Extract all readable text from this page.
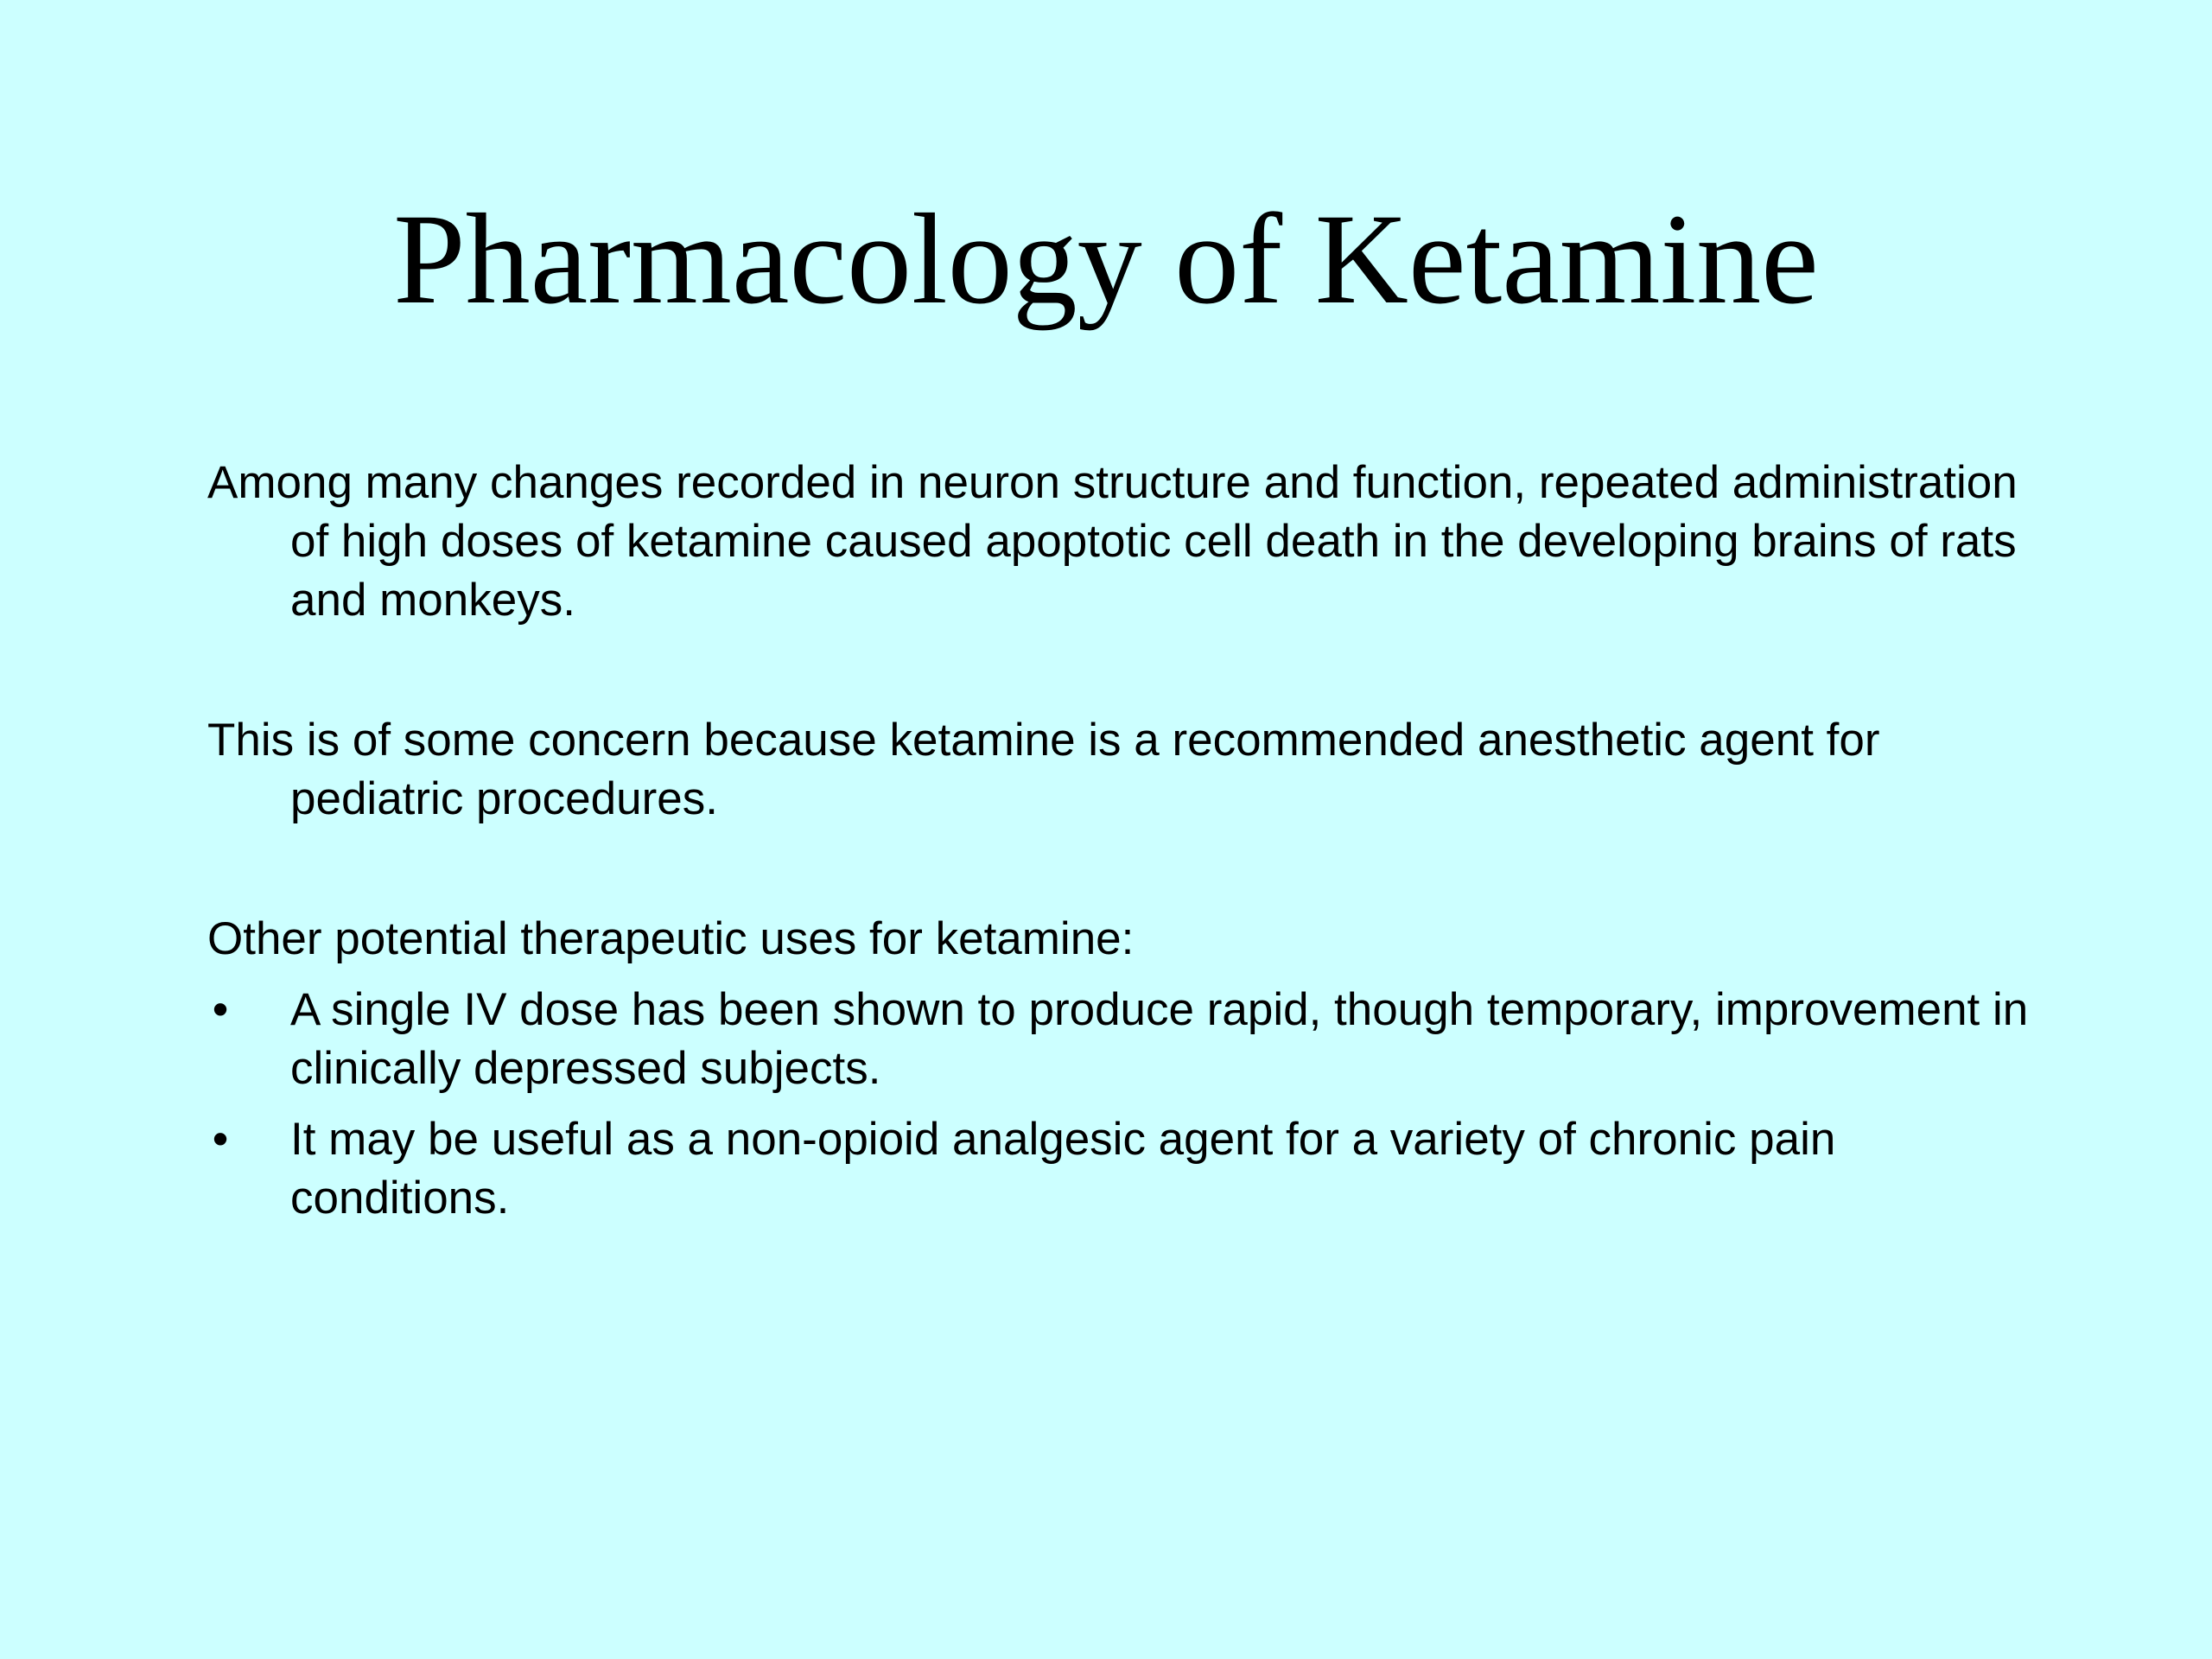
Pharmacology of Ketamine

Among many changes recorded in neuron structure and function, repeated administration of high doses of ketamine caused apoptotic cell death in the developing brains of rats and monkeys.

This is of some concern because ketamine is a recommended anesthetic agent for pediatric procedures.

Other potential therapeutic uses for ketamine:

• A single IV dose has been shown to produce rapid, though temporary, improvement in clinically depressed subjects.
• It may be useful as a non-opioid analgesic agent for a variety of chronic pain conditions.
